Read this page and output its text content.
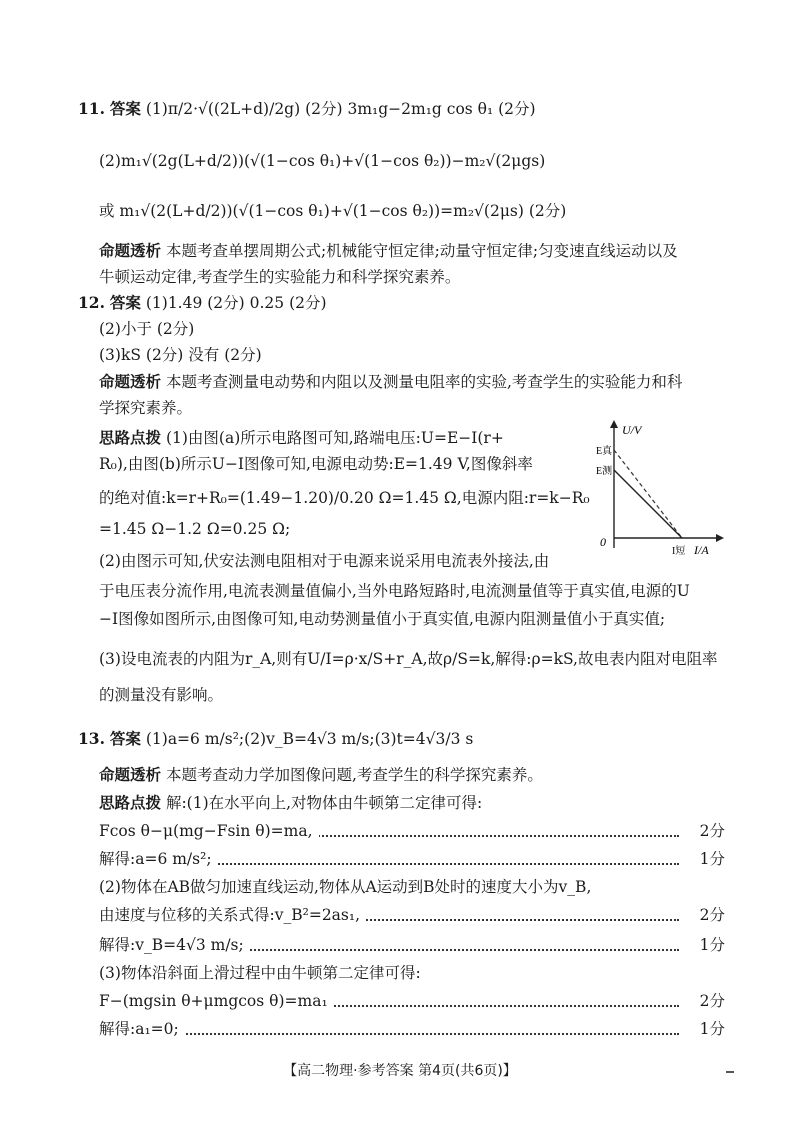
11. 答案 (1)π/2·√((2L+d)/2g) (2分) 3m₁g−2m₁g cos θ₁ (2分)
(2)m₁√(2g(L+d/2))(√(1−cos θ₁)+√(1−cos θ₂))−m₂√(2μgs)
或 m₁√(2(L+d/2))(√(1−cos θ₁)+√(1−cos θ₂))=m₂√(2μs) (2分)
命题透析 本题考查单摆周期公式;机械能守恒定律;动量守恒定律;匀变速直线运动以及
牛顿运动定律,考查学生的实验能力和科学探究素养。
12. 答案 (1)1.49 (2分) 0.25 (2分)
(2)小于 (2分)
(3)kS (2分) 没有 (2分)
命题透析 本题考查测量电动势和内阻以及测量电阻率的实验,考查学生的实验能力和科
学探究素养。
思路点拨 (1)由图(a)所示电路图可知,路端电压:U=E−I(r+
R₀),由图(b)所示U−I图像可知,电源电动势:E=1.49 V,图像斜率
的绝对值:k=r+R₀=(1.49−1.20)/0.20 Ω=1.45 Ω,电源内阻:r=k−R₀
=1.45 Ω−1.2 Ω=0.25 Ω;
(2)由图示可知,伏安法测电阻相对于电源来说采用电流表外接法,由
于电压表分流作用,电流表测量值偏小,当外电路短路时,电流测量值等于真实值,电源的U
−I图像如图所示,由图像可知,电动势测量值小于真实值,电源内阻测量值小于真实值;
(3)设电流表的内阻为r_A,则有U/I=ρ·x/S+r_A,故ρ/S=k,解得:ρ=kS,故电表内阻对电阻率
的测量没有影响。
U/V
E真
E测
0
I短 I/A
13. 答案 (1)a=6 m/s²;(2)v_B=4√3 m/s;(3)t=4√3/3 s
命题透析 本题考查动力学加图像问题,考查学生的科学探究素养。
思路点拨 解:(1)在水平向上,对物体由牛顿第二定律可得:
Fcos θ−μ(mg−Fsin θ)=ma,	2分
解得:a=6 m/s²;	1分
(2)物体在AB做匀加速直线运动,物体从A运动到B处时的速度大小为v_B,
由速度与位移的关系式得:v_B²=2as₁,	2分
解得:v_B=4√3 m/s;	1分
(3)物体沿斜面上滑过程中由牛顿第二定律可得:
F−(mgsin θ+μmgcos θ)=ma₁	2分
解得:a₁=0;	1分
【高二物理·参考答案 第4页(共6页)】
